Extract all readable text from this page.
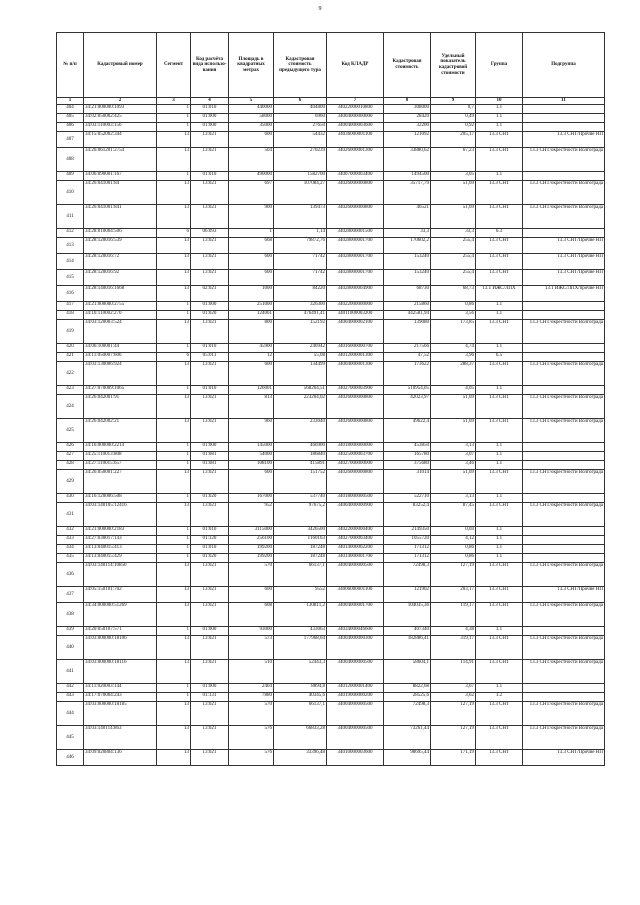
9
№ п/п	Кадастровый номер	Сегмент	Код расчёта вида использо-вания	Площадь в квадратных метрах	Кадастровая стоимость предыдущего тура	Код КЛАДР	Кадастровая стоимость	Удельный показатель кадастровой стоимости	Группа	Подгруппа
1	2	3	4	5	6	7	8	9	10	11
404	34:21:000000:1093	1	01:010	440000	404800	34022000010800	308000	0,7	1.1	
405	34:02:050002:425	1	01:000	58000	6960	34004000000000	28420	0,49	1.1	
406	34:03:110003:156	1	01:000	35000	27650	34004000003600	32200	0,92	1.1	
407	34:15:052002:344	13	13:021	600	54432	34036000001100	121092	205,17	13.3 СНТ	13.3 СНТ/Прочие НП
408	34:26:061201:2754	13	13:021	504	270239	34026000001300	33880,62	67,23	13.3 СНТ	13.3 СНТ/окрестности Волгограда
409	34:06:090001:167	1	01:010	490000	1582700	34007000003400	1494500	3,05	1.1	
410	34:26:041001:84	13	13:021	697	107084,27	34026000000800	35717,79	51,69	13.3 СНТ	13.3 СНТ/окрестности Волгограда
411	34:26:041001:841	13	13:021	900	139473	34026000000800	46521	51,69	13.3 СНТ	13.3 СНТ/окрестности Волгограда
412	34:28:010004:506	6	06:093	1	1,14	34028000001500	33,3	33,3	6.3	
413	34:28:120016:539	13	13:021	668	79872,76	34028000001700	170602,2	255,4	13.3 СНТ	13.3 СНТ/Прочие НП
414	34:28:120016:72	13	13:021	600	71742	34028000001700	153240	255,4	13.3 СНТ	13.3 СНТ/Прочие НП
415	34:28:120016:92	13	13:021	600	71742	34028000001700	153240	255,4	13.3 СНТ	13.3 СНТ/Прочие НП
416	34:28:140016:1668	13	02:021	1000	84220	34028000004900	68730	68,73	13.1 ИЖС/ЛПХ	13.1 ИЖС/ЛПХ/прочие НП
417	34:21:000000:2755	1	01:000	251000	326300	34022000000000	215860	0,86	1.1	
418	34:10:110002:270	1	01:020	124061	476491,41	34011000003200	442581,94	3,56	1.1	
419	34:03:120003:524	13	13:021	800	152192	34004000002100	139080	173,85	13.3 СНТ	13.3 СНТ/окрестности Волгограда
420	34:06:100001:44	1	01:010	45900	246942	34016000000700	217566	4,74	1.1	
421	34:11:050007:606	6	05:011	12	55,08	34012000001300	47,52	3,96	6.5	
422	34:03:130006:924	13	13:021	600	134499	34004000001300	173622	288,37	13.3 СНТ	13.3 СНТ/окрестности Волгограда
423	34:27:070009:1065	1	01:010	126001	568264,51	34027000003900	510954,05	4,05	1.1	
424	34:26:042001:91	13	13:021	813	223204,02	34026000000800	42023,97	51,69	13.3 СНТ	13.3 СНТ/окрестности Волгограда
425	34:26:042002:21	13	13:021	960	233040	34026000000800	49622,4	51,69	13.3 СНТ	13.3 СНТ/окрестности Волгограда
426	34:16:000000:2214	1	01:000	145000	466900	34018000000000	453850	3,13	1.1	
427	34:25:110013:808	1	01:081	54000	186840	34025000003700	165780	3,07	1.1	
428	34:27:110015:657	1	01:081	108100	415891	34027000000000	375680	3,46	1.1	
429	34:26:050001:227	13	13:021	600	151752	34026000000800	31014	51,69	13.3 СНТ	13.3 СНТ/окрестности Волгограда
430	34:16:120006:508	1	01:020	167000	537740	34018000000500	522710	3,13	1.1	
431	34:03:140105:12416	13	13:021	952	97675,2	34004000000900	83252,4	87,45	13.3 СНТ	13.3 СНТ/окрестности Волгограда
432	34:21:000000:2183	1	01:010	3115000	3426500	34022000000400	2149350	0,69	1.1	
433	34:27:030017:143	1	01:120	256100	1160163	34027000003400	1055720	4,12	1.1	
434	34:13:040015:413	1	01:010	199200	187248	34014000002200	171312	0,86	1.1	
435	34:13:040015:429	1	01:020	199200	187248	34014000001700	171312	0,86	1.1	
436	34:03:140114:10850	13	13:021	570	66137,1	34004000000500	72498,3	127,19	13.3 СНТ	13.3 СНТ/окрестности Волгограда
437	34:05:150101:702	13	13:021	600	9552	34006000001100	121902	203,17	13.3 СНТ	13.3 СНТ/Прочие НП
438	34:34:000000:51269	13	13:021	608	130811,2	34004000001700	104035,36	119,17	13.3 СНТ	13.3 СНТ/окрестности Волгограда
439	34:20:050107:571	1	01:000	93000	433063	34034000046600	407340	4,38	1.1	
440	34:03:000000:18106	13	13:021	573	177968,04	34004000000300	182886,41	319,17	13.3 СНТ	13.3 СНТ/окрестности Волгограда
441	34:03:000000:18116	13	13:021	510	52443,3	34004000000500	58604,1	114,91	13.3 СНТ	13.3 СНТ/окрестности Волгограда
442	34:11:020003:144	1	01:000	2404	8894,8	34012000001400	8822,68	3,67	1.1	
443	34:17:070004:243	1	01:131	7880	40345,6	34019000000200	28525,6	3,62	1.2	
444	34:03:000000:18185	13	13:021	570	66137,1	34004000000500	72498,3	127,19	13.3 СНТ	13.3 СНТ/окрестности Волгограда
445	34:03:140114:863	13	13:021	576	66833,28	34004000000500	73261,44	127,19	13.3 СНТ	13.3 СНТ/окрестности Волгограда
446	34:09:020804:136	13	13:021	576	33396,48	34010000003600	98695,44	171,19	13.3 СНТ	13.3 СНТ/Прочие НП
